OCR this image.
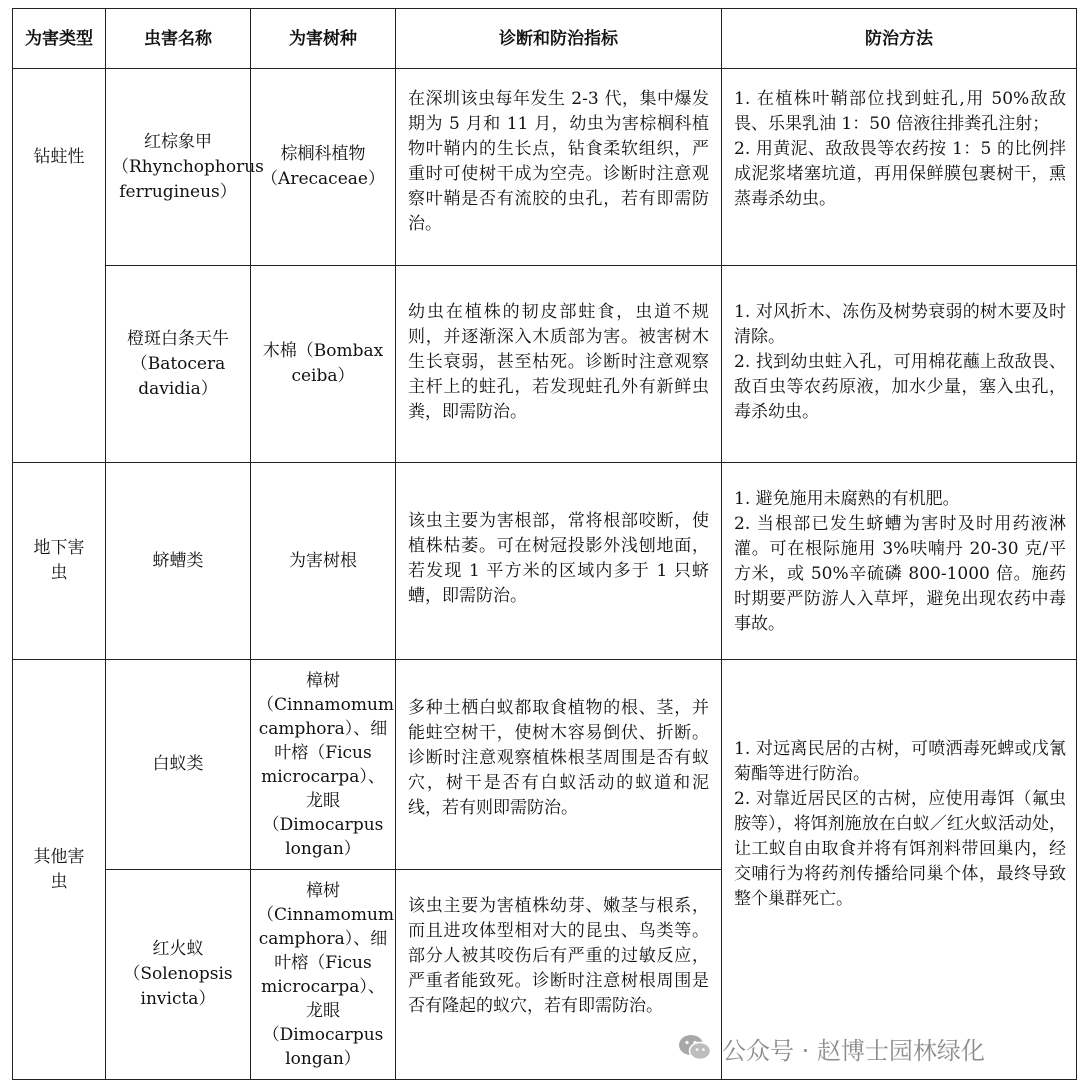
为害类型	虫害名称	为害树种	诊断和防治指标	防治方法
钻蛀性	红棕象甲（Rhynchophorus ferrugineus）	棕榈科植物（Arecaceae）	在深圳该虫每年发生 2-3 代，集中爆发期为 5 月和 11 月，幼虫为害棕榈科植物叶鞘内的生长点，钻食柔软组织，严重时可使树干成为空壳。诊断时注意观察叶鞘是否有流胶的虫孔，若有即需防治。	1. 在植株叶鞘部位找到蛀孔,用 50%敌敌畏、乐果乳油 1：50 倍液往排粪孔注射；
2. 用黄泥、敌敌畏等农药按 1：5 的比例拌成泥浆堵塞坑道，再用保鲜膜包裹树干，熏蒸毒杀幼虫。

	橙斑白条天牛（Batocera davidia）	木棉（Bombax ceiba）	幼虫在植株的韧皮部蛀食，虫道不规则，并逐渐深入木质部为害。被害树木生长衰弱，甚至枯死。诊断时注意观察主杆上的蛀孔，若发现蛀孔外有新鲜虫粪，即需防治。	1. 对风折木、冻伤及树势衰弱的树木要及时清除。
2. 找到幼虫蛀入孔，可用棉花蘸上敌敌畏、敌百虫等农药原液，加水少量，塞入虫孔，毒杀幼虫。

地下害虫	蛴螬类	为害树根	该虫主要为害根部，常将根部咬断，使植株枯萎。可在树冠投影外浅刨地面，若发现 1 平方米的区域内多于 1 只蛴螬，即需防治。	1. 避免施用未腐熟的有机肥。
2. 当根部已发生蛴螬为害时及时用药液淋灌。可在根际施用 3%呋喃丹 20-30 克/平方米，或 50%辛硫磷 800-1000 倍。施药时期要严防游人入草坪，避免出现农药中毒事故。

其他害虫	白蚁类	樟树（Cinnamomum camphora）、细叶榕（Ficus microcarpa）、龙眼（Dimocarpus longan）	多种土栖白蚁都取食植物的根、茎，并能蛀空树干，使树木容易倒伏、折断。诊断时注意观察植株根茎周围是否有蚁穴，树干是否有白蚁活动的蚁道和泥线，若有则即需防治。	1. 对远离民居的古树，可喷洒毒死蜱或戊氰菊酯等进行防治。
2. 对靠近居民区的古树，应使用毒饵（氟虫胺等），将饵剂施放在白蚁／红火蚁活动处，让工蚁自由取食并将有饵剂料带回巢内，经交哺行为将药剂传播给同巢个体，最终导致整个巢群死亡。

	红火蚁（Solenopsis invicta）	樟树（Cinnamomum camphora）、细叶榕（Ficus microcarpa）、龙眼（Dimocarpus longan）	该虫主要为害植株幼芽、嫩茎与根系，而且进攻体型相对大的昆虫、鸟类等。部分人被其咬伤后有严重的过敏反应，严重者能致死。诊断时注意树根周围是否有隆起的蚁穴，若有即需防治。	
公众号 · 赵博士园林绿化
